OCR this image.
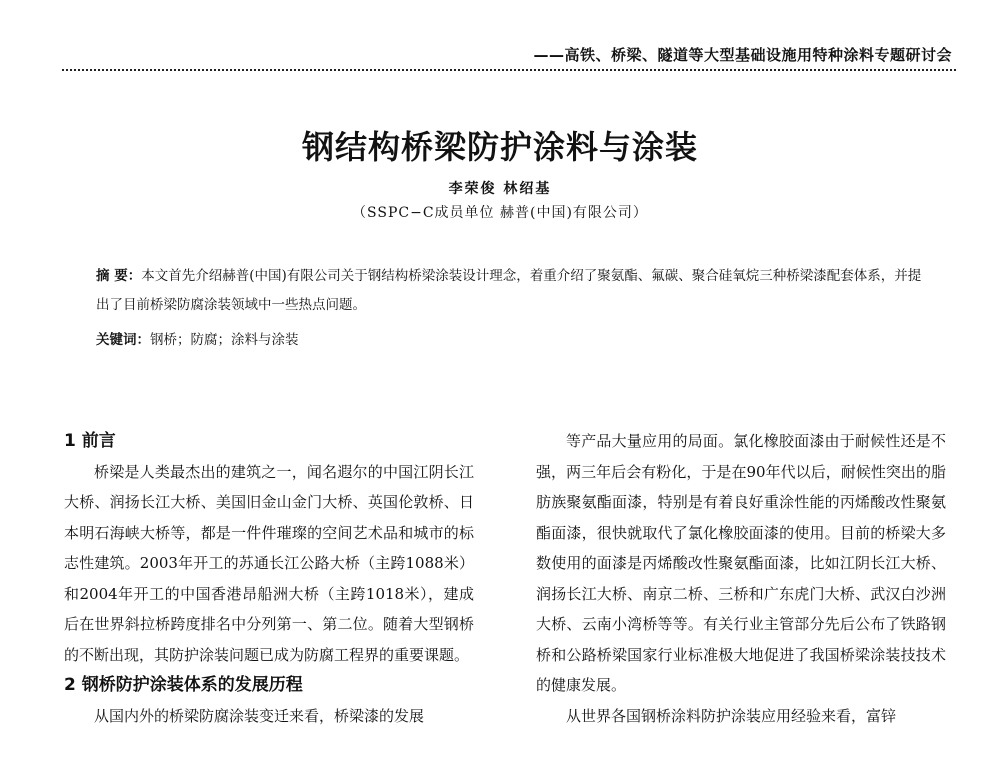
——高铁、桥梁、隧道等大型基础设施用特种涂料专题研讨会
钢结构桥梁防护涂料与涂装
李荣俊 林绍基
（SSPC−C成员单位 赫普(中国)有限公司）
摘 要：本文首先介绍赫普(中国)有限公司关于钢结构桥梁涂装设计理念，着重介绍了聚氨酯、氟碳、聚合硅氧烷三种桥梁漆配套体系，并提出了目前桥梁防腐涂装领域中一些热点问题。
关键词：钢桥；防腐；涂料与涂装
1 前言
桥梁是人类最杰出的建筑之一，闻名遐尔的中国江阴长江大桥、润扬长江大桥、美国旧金山金门大桥、英国伦敦桥、日本明石海峡大桥等，都是一件件璀璨的空间艺术品和城市的标志性建筑。2003年开工的苏通长江公路大桥（主跨1088米）和2004年开工的中国香港昂船洲大桥（主跨1018米），建成后在世界斜拉桥跨度排名中分列第一、第二位。随着大型钢桥的不断出现，其防护涂装问题已成为防腐工程界的重要课题。
2 钢桥防护涂装体系的发展历程
从国内外的桥梁防腐涂装变迁来看，桥梁漆的发展
等产品大量应用的局面。氯化橡胶面漆由于耐候性还是不强，两三年后会有粉化，于是在90年代以后，耐候性突出的脂肪族聚氨酯面漆，特别是有着良好重涂性能的丙烯酸改性聚氨酯面漆，很快就取代了氯化橡胶面漆的使用。目前的桥梁大多数使用的面漆是丙烯酸改性聚氨酯面漆，比如江阴长江大桥、润扬长江大桥、南京二桥、三桥和广东虎门大桥、武汉白沙洲大桥、云南小湾桥等等。有关行业主管部分先后公布了铁路钢桥和公路桥梁国家行业标准极大地促进了我国桥梁涂装技技术的健康发展。
从世界各国钢桥涂料防护涂装应用经验来看，富锌
